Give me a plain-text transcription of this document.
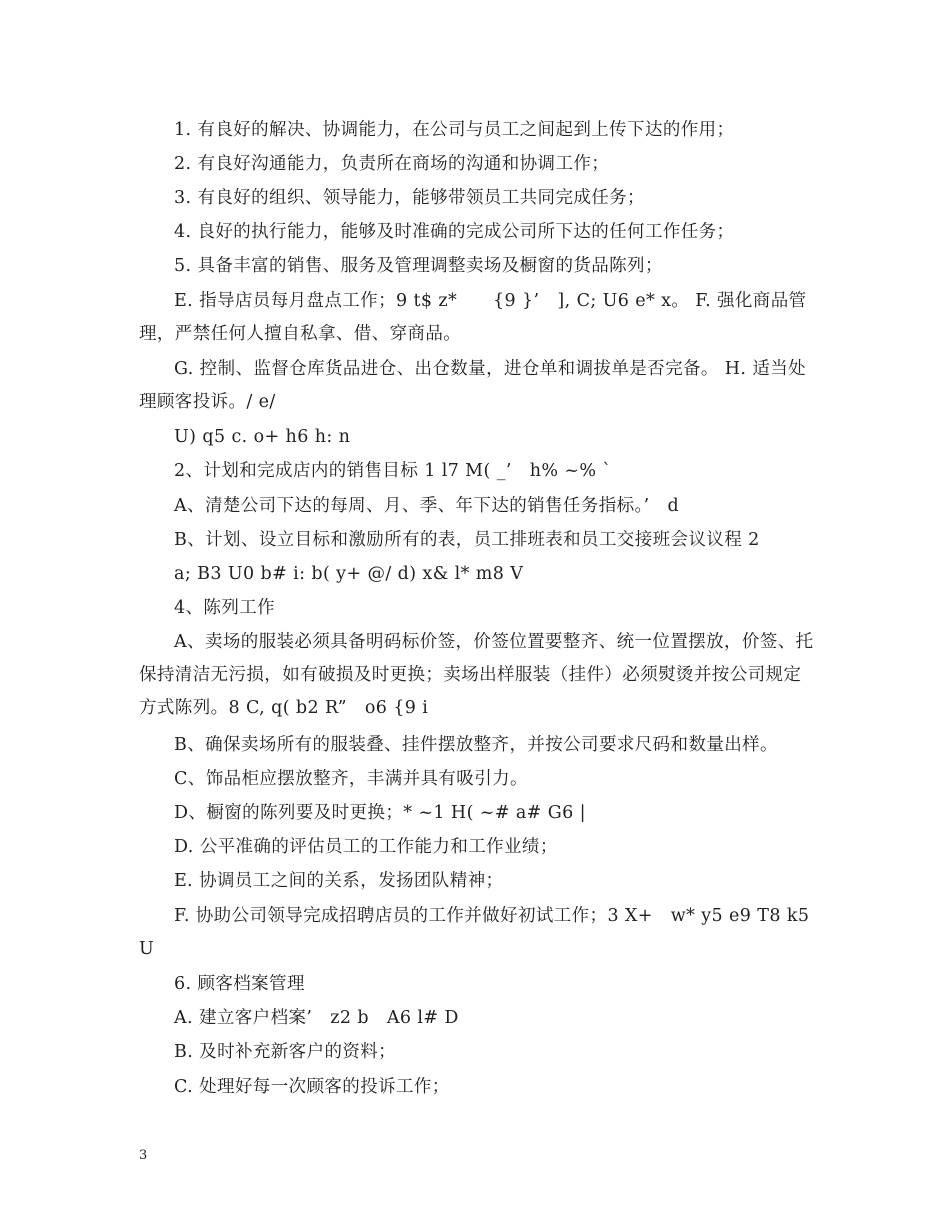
1. 有良好的解决、协调能力，在公司与员工之间起到上传下达的作用；
2. 有良好沟通能力，负责所在商场的沟通和协调工作；
3. 有良好的组织、领导能力，能够带领员工共同完成任务；
4. 良好的执行能力，能够及时准确的完成公司所下达的任何工作任务；
5. 具备丰富的销售、服务及管理调整卖场及橱窗的货品陈列；
E. 指导店员每月盘点工作；9 t$ z*　　{9 }’　], C; U6 e* x。 F. 强化商品管理，严禁任何人擅自私拿、借、穿商品。
G. 控制、监督仓库货品进仓、出仓数量，进仓单和调拔单是否完备。 H. 适当处理顾客投诉。/ e/
U) q5 c. o+ h6 h: n
2、计划和完成店内的销售目标 1 l7 M( _’　h% ~% `
A、清楚公司下达的每周、月、季、年下达的销售任务指标。’　d
B、计划、设立目标和激励所有的表，员工排班表和员工交接班会议议程 2
a; B3 U0 b# i: b( y+ @/ d) x& l* m8 V
4、陈列工作
A、卖场的服装必须具备明码标价签，价签位置要整齐、统一位置摆放，价签、托保持清洁无污损，如有破损及时更换；卖场出样服装（挂件）必须熨烫并按公司规定方式陈列。8 C, q( b2 R”　o6 {9 i
B、确保卖场所有的服装叠、挂件摆放整齐，并按公司要求尺码和数量出样。
C、饰品柜应摆放整齐，丰满并具有吸引力。
D、橱窗的陈列要及时更换；* ~1 H( ~# a# G6 |
D. 公平准确的评估员工的工作能力和工作业绩；
E. 协调员工之间的关系，发扬团队精神；
F. 协助公司领导完成招聘店员的工作并做好初试工作；3 X+　w* y5 e9 T8 k5 U
6. 顾客档案管理
A. 建立客户档案’　z2 b　A6 l# D
B. 及时补充新客户的资料；
C. 处理好每一次顾客的投诉工作；
3
